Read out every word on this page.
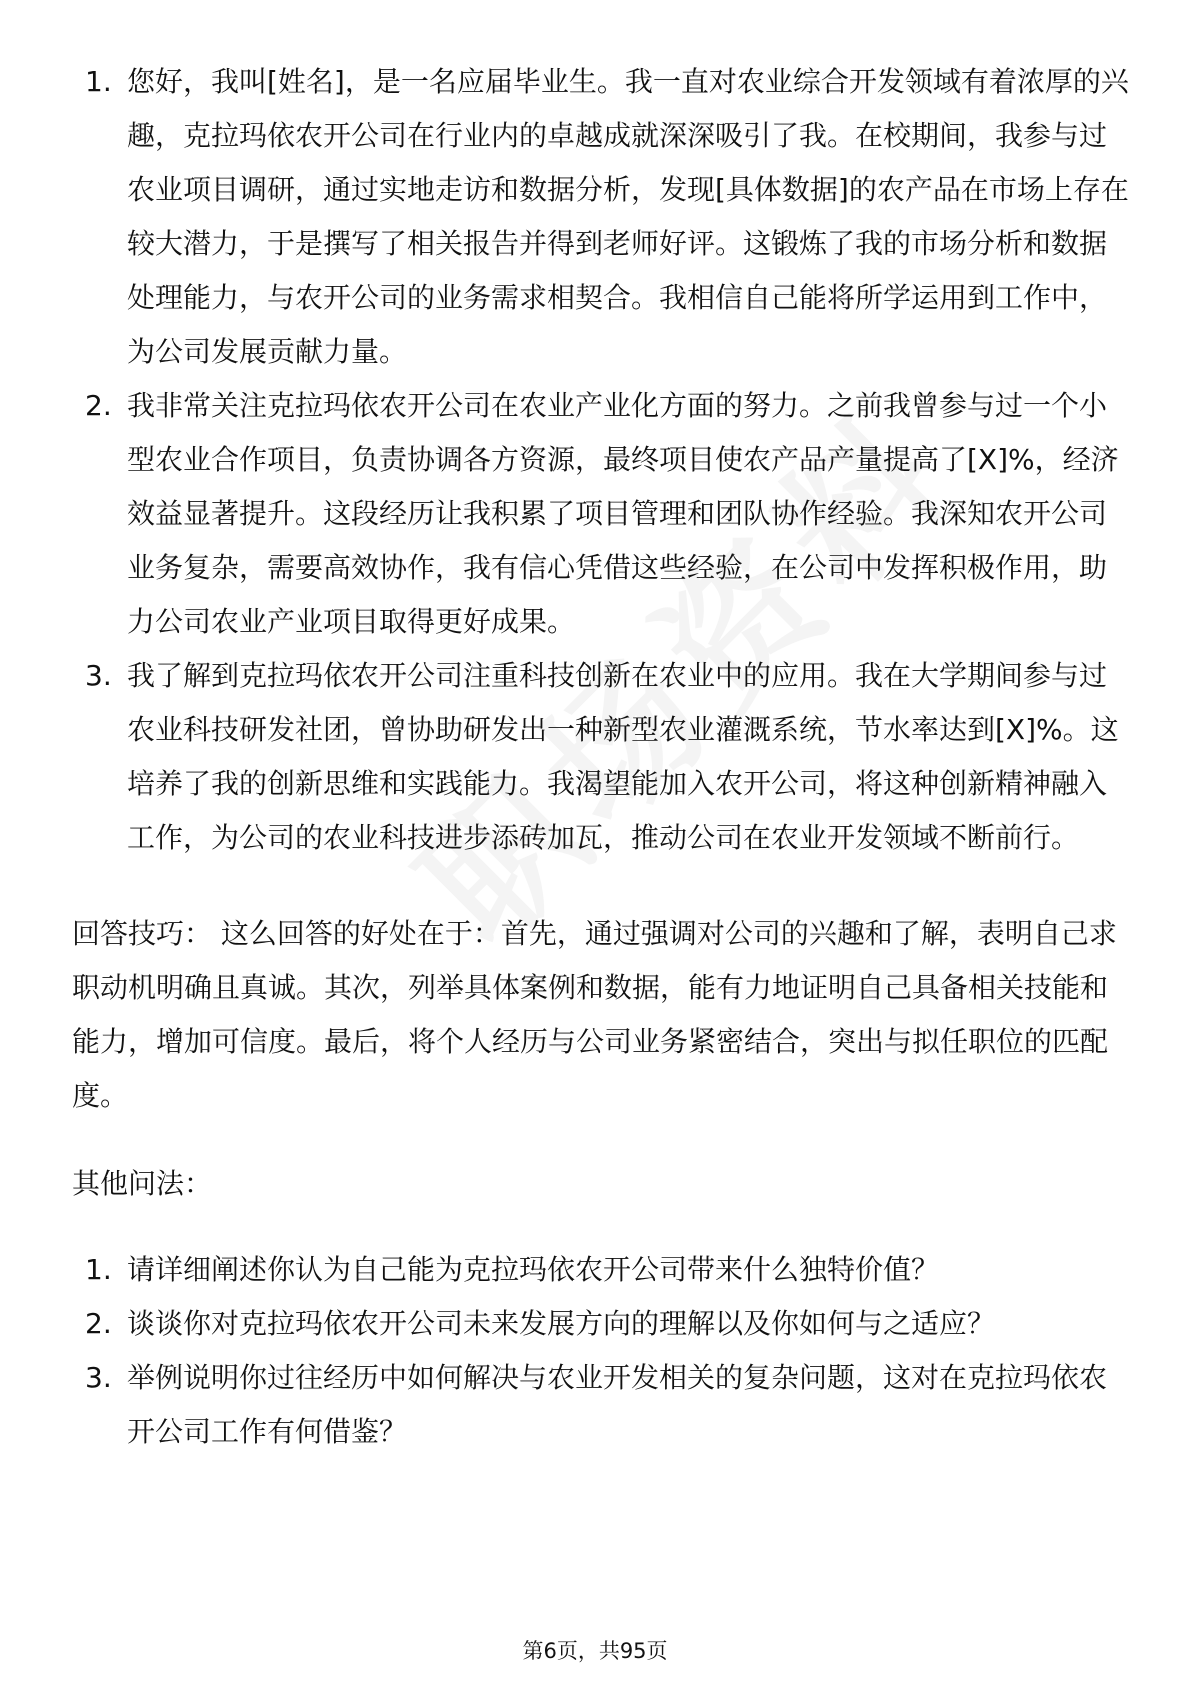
1. 您好，我叫[姓名]，是一名应届毕业生。我一直对农业综合开发领域有着浓厚的兴趣，克拉玛依农开公司在行业内的卓越成就深深吸引了我。在校期间，我参与过农业项目调研，通过实地走访和数据分析，发现[具体数据]的农产品在市场上存在较大潜力，于是撰写了相关报告并得到老师好评。这锻炼了我的市场分析和数据处理能力，与农开公司的业务需求相契合。我相信自己能将所学运用到工作中，为公司发展贡献力量。
2. 我非常关注克拉玛依农开公司在农业产业化方面的努力。之前我曾参与过一个小型农业合作项目，负责协调各方资源，最终项目使农产品产量提高了[X]%，经济效益显著提升。这段经历让我积累了项目管理和团队协作经验。我深知农开公司业务复杂，需要高效协作，我有信心凭借这些经验，在公司中发挥积极作用，助力公司农业产业项目取得更好成果。
3. 我了解到克拉玛依农开公司注重科技创新在农业中的应用。我在大学期间参与过农业科技研发社团，曾协助研发出一种新型农业灌溉系统，节水率达到[X]%。这培养了我的创新思维和实践能力。我渴望能加入农开公司，将这种创新精神融入工作，为公司的农业科技进步添砖加瓦，推动公司在农业开发领域不断前行。
回答技巧： 这么回答的好处在于：首先，通过强调对公司的兴趣和了解，表明自己求职动机明确且真诚。其次，列举具体案例和数据，能有力地证明自己具备相关技能和能力，增加可信度。最后，将个人经历与公司业务紧密结合，突出与拟任职位的匹配度。
其他问法：
1. 请详细阐述你认为自己能为克拉玛依农开公司带来什么独特价值？
2. 谈谈你对克拉玛依农开公司未来发展方向的理解以及你如何与之适应？
3. 举例说明你过往经历中如何解决与农业开发相关的复杂问题，这对在克拉玛依农开公司工作有何借鉴？
第6页，共95页
